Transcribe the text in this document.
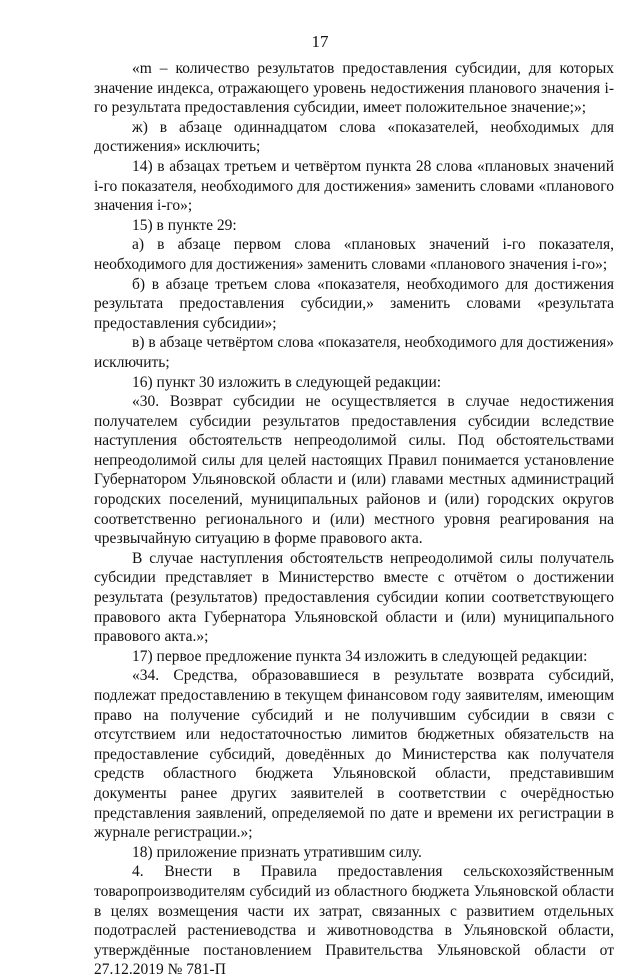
17

«m – количество результатов предоставления субсидии, для которых значение индекса, отражающего уровень недостижения планового значения i-го результата предоставления субсидии, имеет положительное значение;»;

ж) в абзаце одиннадцатом слова «показателей, необходимых для достижения» исключить;

14) в абзацах третьем и четвёртом пункта 28 слова «плановых значений i-го показателя, необходимого для достижения» заменить словами «планового значения i-го»;

15) в пункте 29:

а) в абзаце первом слова «плановых значений i-го показателя, необходимого для достижения» заменить словами «планового значения i-го»;

б) в абзаце третьем слова «показателя, необходимого для достижения результата предоставления субсидии,» заменить словами «результата предоставления субсидии»;

в) в абзаце четвёртом слова «показателя, необходимого для достижения» исключить;

16) пункт 30 изложить в следующей редакции:

«30. Возврат субсидии не осуществляется в случае недостижения получателем субсидии результатов предоставления субсидии вследствие наступления обстоятельств непреодолимой силы. Под обстоятельствами непреодолимой силы для целей настоящих Правил понимается установление Губернатором Ульяновской области и (или) главами местных администраций городских поселений, муниципальных районов и (или) городских округов соответственно регионального и (или) местного уровня реагирования на чрезвычайную ситуацию в форме правового акта.

В случае наступления обстоятельств непреодолимой силы получатель субсидии представляет в Министерство вместе с отчётом о достижении результата (результатов) предоставления субсидии копии соответствующего правового акта Губернатора Ульяновской области и (или) муниципального правового акта.»;

17) первое предложение пункта 34 изложить в следующей редакции:

«34. Средства, образовавшиеся в результате возврата субсидий, подлежат предоставлению в текущем финансовом году заявителям, имеющим право на получение субсидий и не получившим субсидии в связи с отсутствием или недостаточностью лимитов бюджетных обязательств на предоставление субсидий, доведённых до Министерства как получателя средств областного бюджета Ульяновской области, представившим документы ранее других заявителей в соответствии с очерёдностью представления заявлений, определяемой по дате и времени их регистрации в журнале регистрации.»;

18) приложение признать утратившим силу.

4. Внести в Правила предоставления сельскохозяйственным товаропроизводителям субсидий из областного бюджета Ульяновской области в целях возмещения части их затрат, связанных с развитием отдельных подотраслей растениеводства и животноводства в Ульяновской области, утверждённые постановлением Правительства Ульяновской области от 27.12.2019 № 781-П
